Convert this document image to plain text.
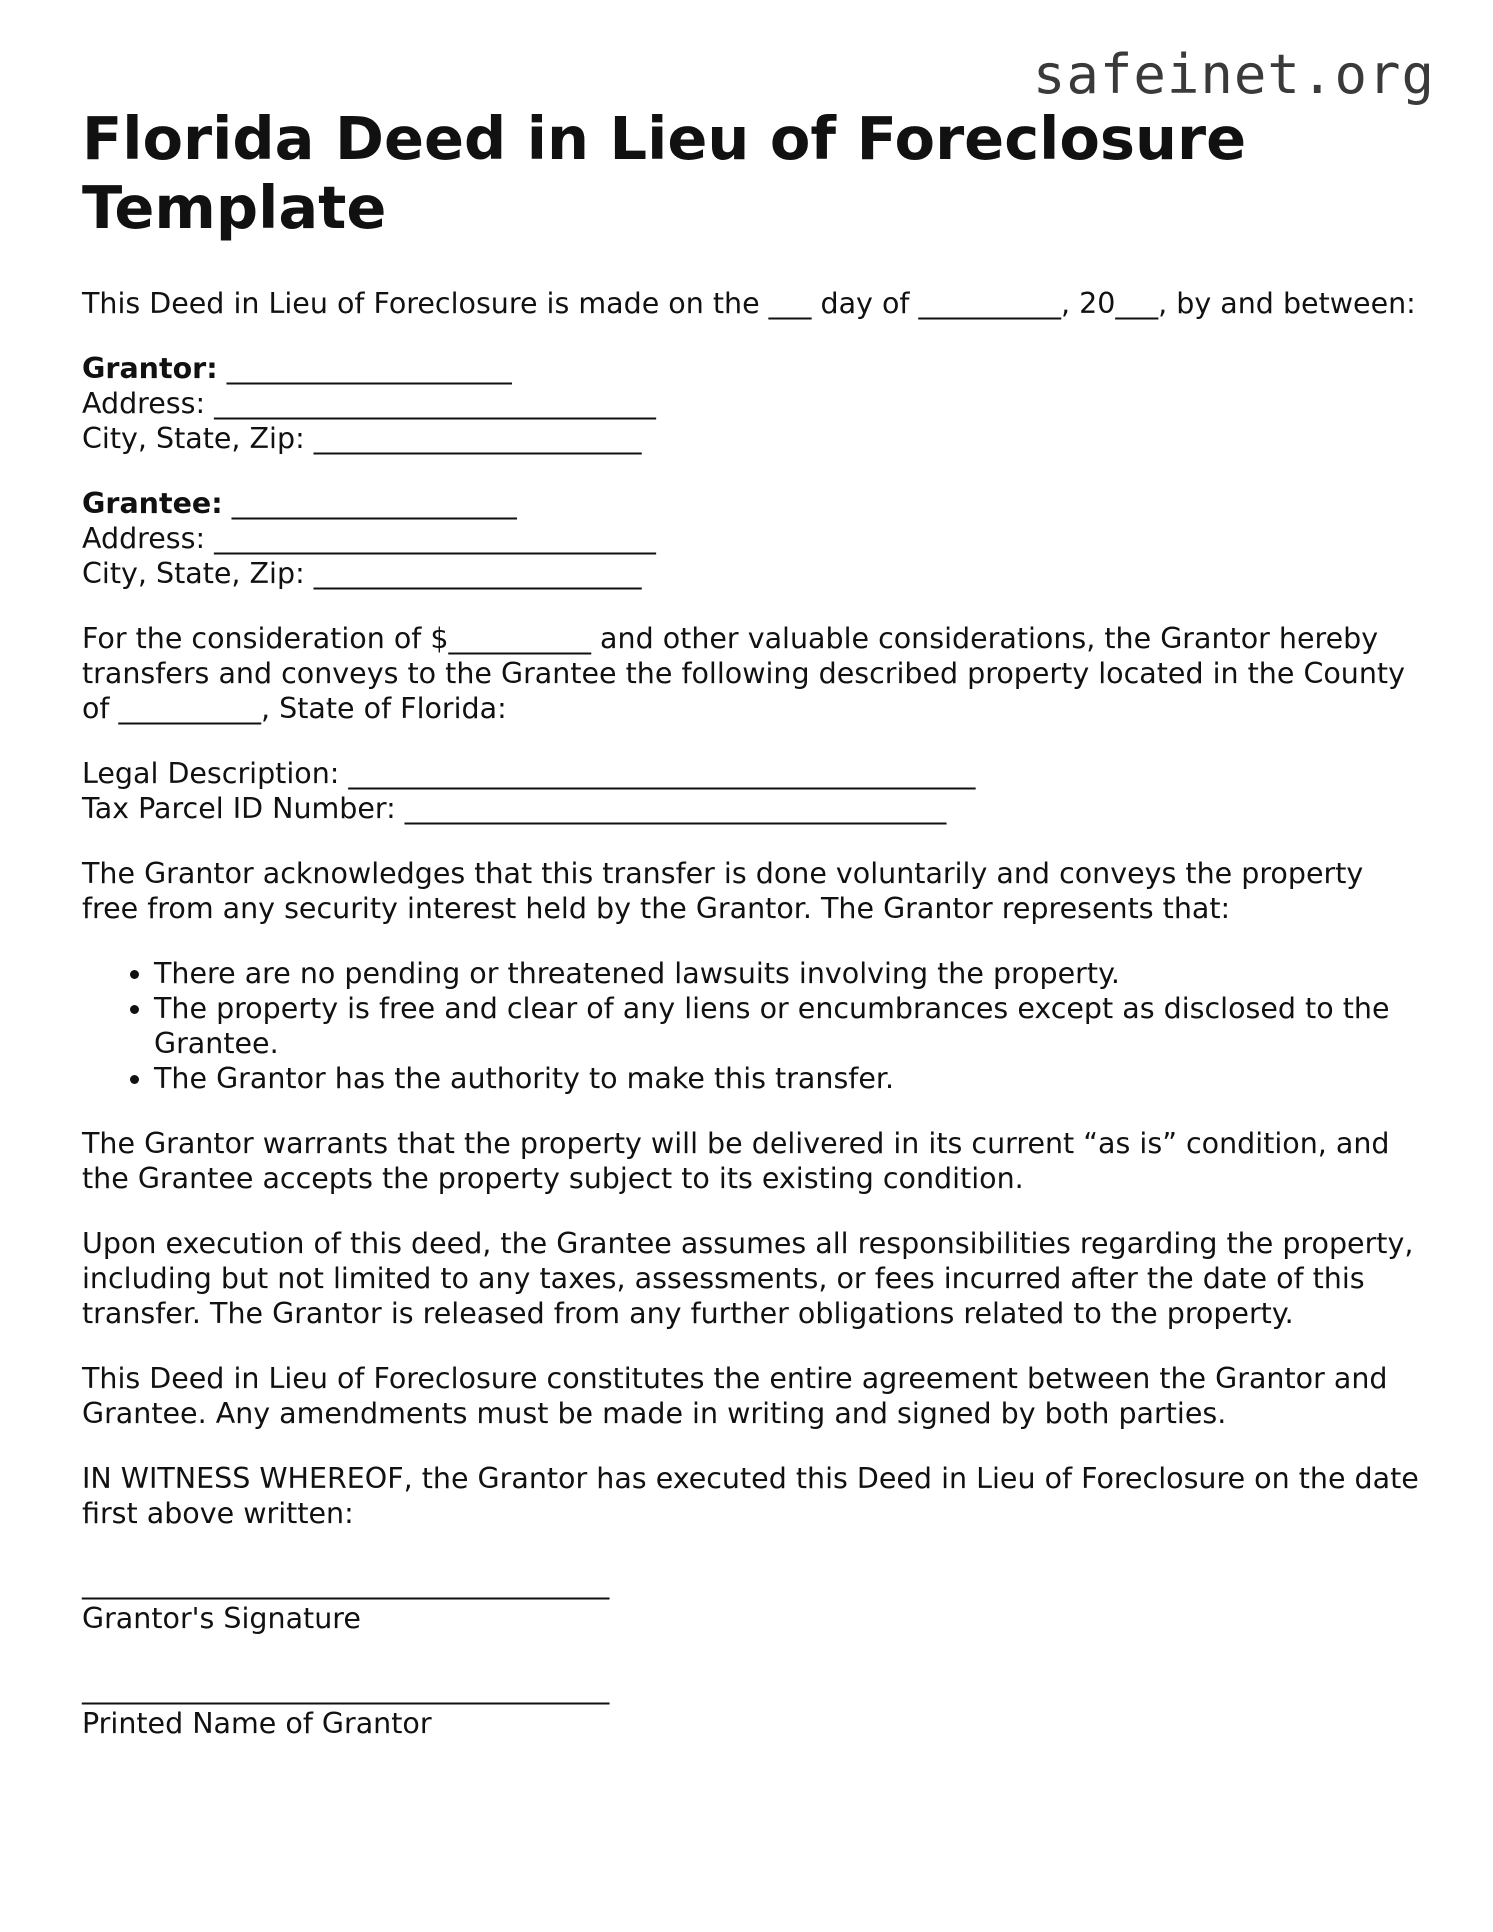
safeinet.org
Florida Deed in Lieu of Foreclosure Template
This Deed in Lieu of Foreclosure is made on the ___ day of __________, 20___, by and between:
Grantor: ____________________
Address: _______________________________
City, State, Zip: _______________________
Grantee: ____________________
Address: _______________________________
City, State, Zip: _______________________
For the consideration of $__________ and other valuable considerations, the Grantor hereby transfers and conveys to the Grantee the following described property located in the County of __________, State of Florida:
Legal Description: ____________________________________________
Tax Parcel ID Number: ______________________________________
The Grantor acknowledges that this transfer is done voluntarily and conveys the property free from any security interest held by the Grantor. The Grantor represents that:
• There are no pending or threatened lawsuits involving the property.
• The property is free and clear of any liens or encumbrances except as disclosed to the Grantee.
• The Grantor has the authority to make this transfer.
The Grantor warrants that the property will be delivered in its current “as is” condition, and the Grantee accepts the property subject to its existing condition.
Upon execution of this deed, the Grantee assumes all responsibilities regarding the property, including but not limited to any taxes, assessments, or fees incurred after the date of this transfer. The Grantor is released from any further obligations related to the property.
This Deed in Lieu of Foreclosure constitutes the entire agreement between the Grantor and Grantee. Any amendments must be made in writing and signed by both parties.
IN WITNESS WHEREOF, the Grantor has executed this Deed in Lieu of Foreclosure on the date first above written:
_____________________________________
Grantor's Signature
_____________________________________
Printed Name of Grantor
